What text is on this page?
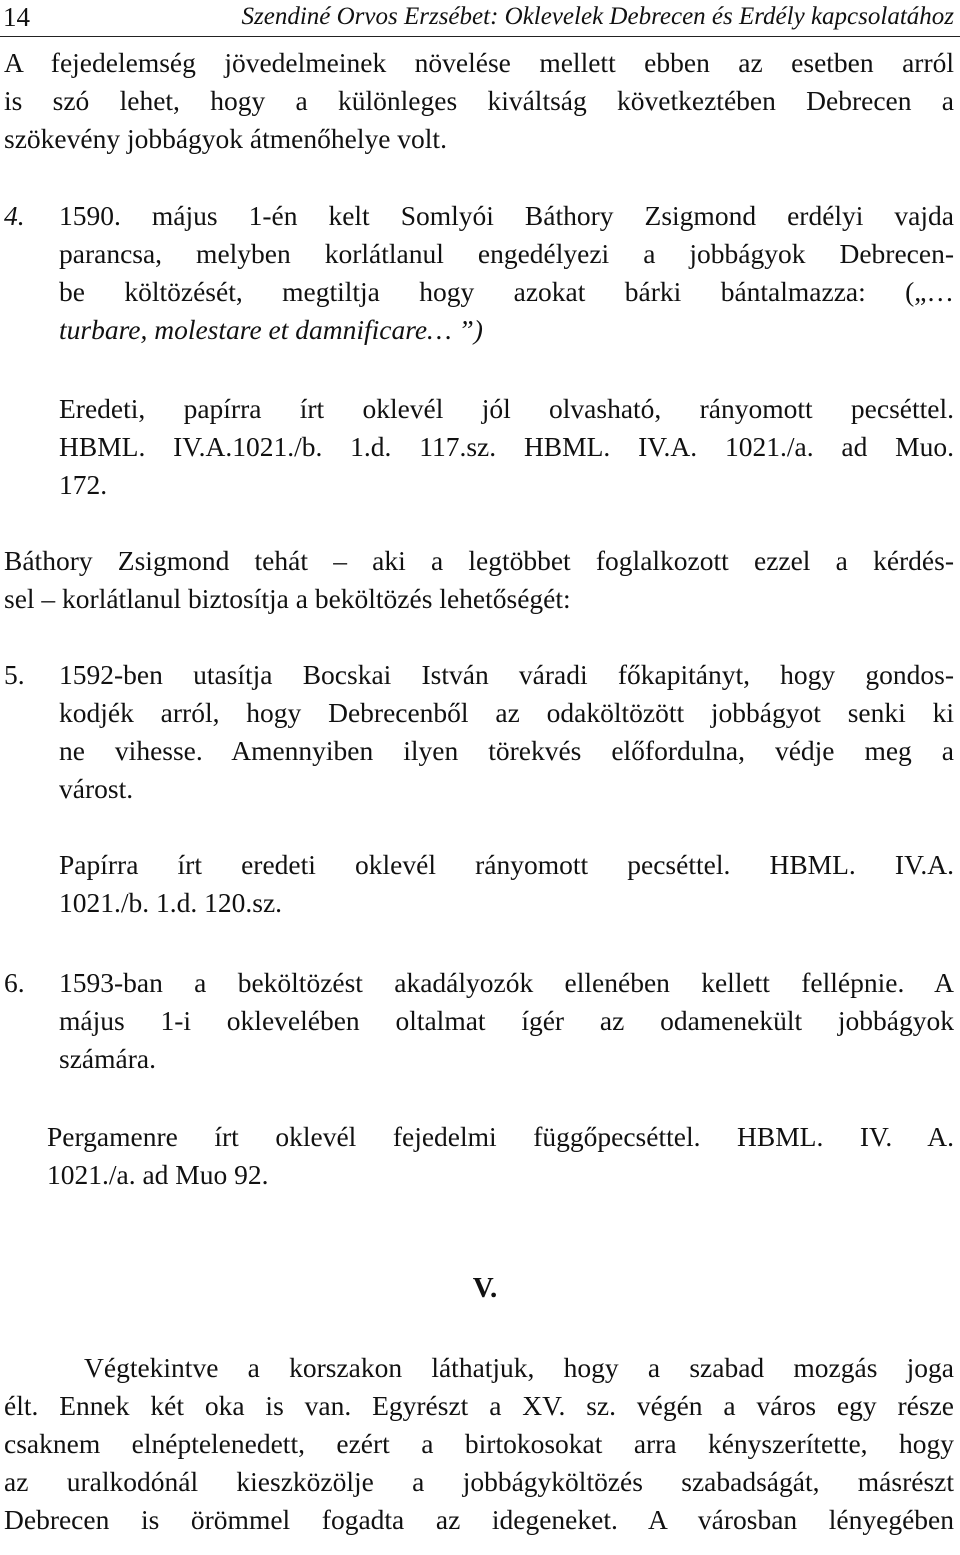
14	Szendiné Orvos Erzsébet: Oklevelek Debrecen és Erdély kapcsolatához
A fejedelemség jövedelmeinek növelése mellett ebben az esetben arról
is szó lehet, hogy a különleges kiváltság következtében Debrecen a
szökevény jobbágyok átmenőhelye volt.
4. 1590. május 1-én kelt Somlyói Báthory Zsigmond erdélyi vajda
parancsa, melyben korlátlanul engedélyezi a jobbágyok Debrecen-
be költözését, megtiltja hogy azokat bárki bántalmazza: („…
turbare, molestare et damnificare… ”)
Eredeti, papírra írt oklevél jól olvasható, rányomott pecséttel.
HBML. IV.A.1021./b. 1.d. 117.sz. HBML. IV.A. 1021./a. ad Muo.
172.
Báthory Zsigmond tehát – aki a legtöbbet foglalkozott ezzel a kérdés-
sel – korlátlanul biztosítja a beköltözés lehetőségét:
5. 1592-ben utasítja Bocskai István váradi főkapitányt, hogy gondos-
kodjék arról, hogy Debrecenből az odaköltözött jobbágyot senki ki
ne vihesse. Amennyiben ilyen törekvés előfordulna, védje meg a
várost.
Papírra írt eredeti oklevél rányomott pecséttel. HBML. IV.A.
1021./b. 1.d. 120.sz.
6. 1593-ban a beköltözést akadályozók ellenében kellett fellépnie. A
május 1-i oklevelében oltalmat ígér az odamenekült jobbágyok
számára.
Pergamenre írt oklevél fejedelmi függőpecséttel. HBML. IV. A.
1021./a. ad Muo 92.
V.
Végtekintve a korszakon láthatjuk, hogy a szabad mozgás joga
élt. Ennek két oka is van. Egyrészt a XV. sz. végén a város egy része
csaknem elnéptelenedett, ezért a birtokosokat arra kényszerítette, hogy
az uralkodónál kieszközölje a jobbágyköltözés szabadságát, másrészt
Debrecen is örömmel fogadta az idegeneket. A városban lényegében
